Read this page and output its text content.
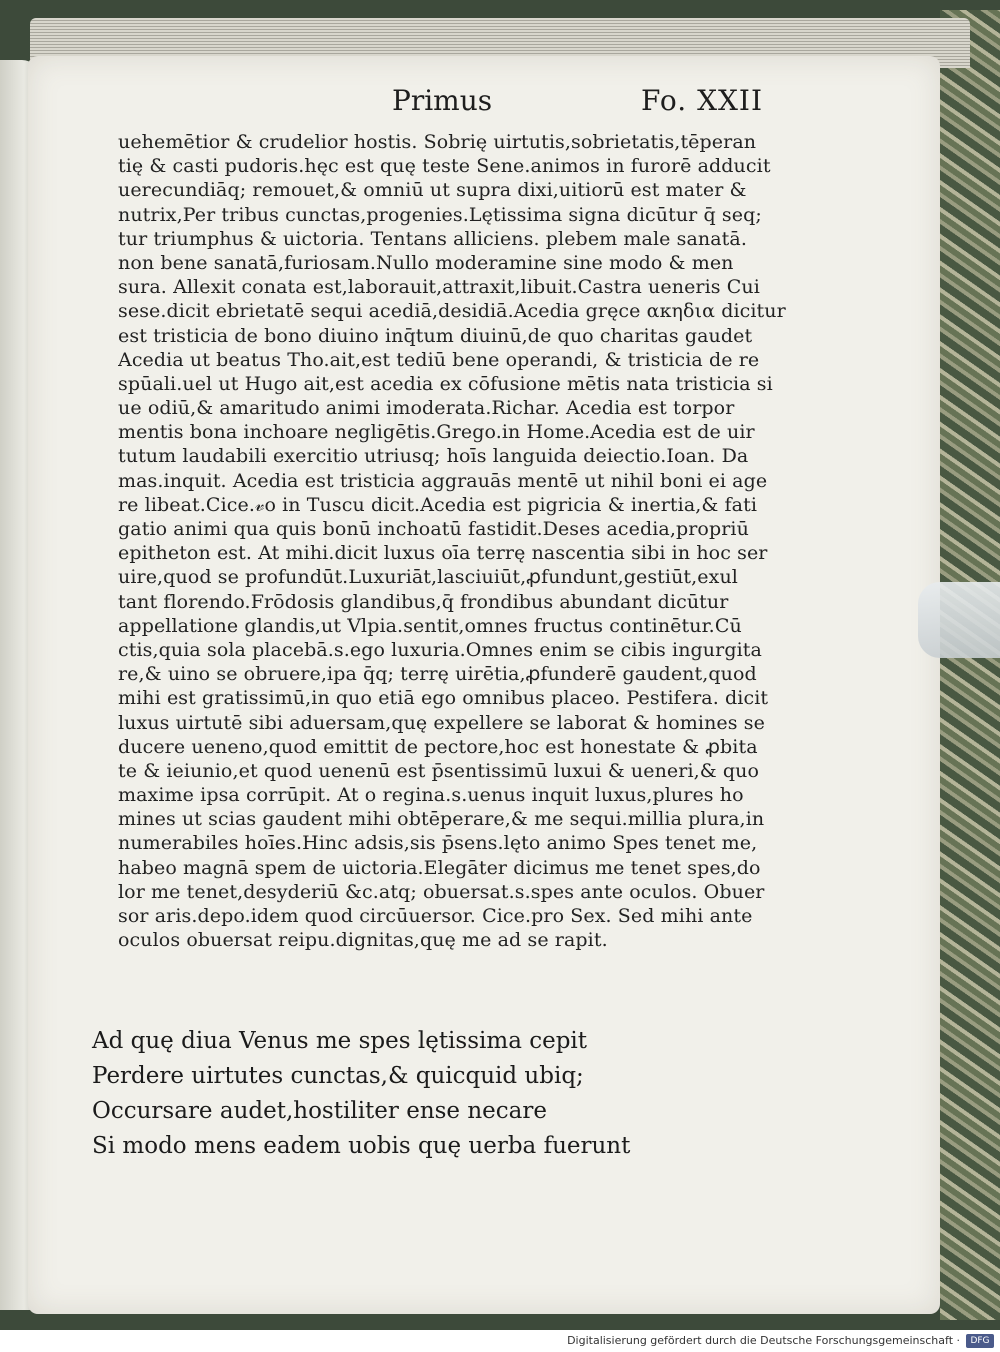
Primus	Fo. XXII
uehemētior & crudelior hostis. Sobrię uirtutis,sobrietatis,tēperan
tię & casti pudoris.hęc est quę teste Sene.animos in furorē adducit
uerecundiāq; remouet,& omniū ut supra dixi,uitiorū est mater &
nutrix,Per tribus cunctas,progenies.Lętissima signa dicūtur q̄ seq;
tur triumphus & uictoria. Tentans alliciens. plebem male sanatā.
non bene sanatā,furiosam.Nullo moderamine sine modo & men
sura. Allexit conata est,laborauit,attraxit,libuit.Castra ueneris Cui
sese.dicit ebrietatē sequi acediā,desidiā.Acedia gręce ακηδια dicitur
est tristicia de bono diuino inq̄tum diuinū,de quo charitas gaudet
Acedia ut beatus Tho.ait,est tediū bene operandi, & tristicia de re
spūali.uel ut Hugo ait,est acedia ex cōfusione mētis nata tristicia si
ue odiū,& amaritudo animi imoderata.Richar. Acedia est torpor
mentis bona inchoare negligētis.Grego.in Home.Acedia est de uir
tutum laudabili exercitio utriusq; hoīs languida deiectio.Ioan. Da
mas.inquit. Acedia est tristicia aggrauās mentē ut nihil boni ei age
re libeat.Cice.𝓋o in Tuscu dicit.Acedia est pigricia & inertia,& fati
gatio animi qua quis bonū inchoatū fastidit.Deses acedia,propriū
epitheton est. At mihi.dicit luxus oīa terrę nascentia sibi in hoc ser
uire,quod se profundūt.Luxuriāt,lasciuiūt,ꝓfundunt,gestiūt,exul
tant florendo.Frōdosis glandibus,q̄ frondibus abundant dicūtur
appellatione glandis,ut Vlpia.sentit,omnes fructus continētur.Cū
ctis,quia sola placebā.s.ego luxuria.Omnes enim se cibis ingurgita
re,& uino se obruere,ipa q̄q; terrę uirētia,ꝓfunderē gaudent,quod
mihi est gratissimū,in quo etiā ego omnibus placeo. Pestifera. dicit
luxus uirtutē sibi aduersam,quę expellere se laborat & homines se
ducere ueneno,quod emittit de pectore,hoc est honestate & ꝓbita
te & ieiunio,et quod uenenū est p̄sentissimū luxui & ueneri,& quo
maxime ipsa corrūpit. At o regina.s.uenus inquit luxus,plures ho
mines ut scias gaudent mihi obtēperare,& me sequi.millia plura,in
numerabiles hoīes.Hinc adsis,sis p̄sens.lęto animo Spes tenet me,
habeo magnā spem de uictoria.Elegāter dicimus me tenet spes,do
lor me tenet,desyderiū &c.atq; obuersat.s.spes ante oculos. Obuer
sor aris.depo.idem quod circūuersor. Cice.pro Sex. Sed mihi ante
oculos obuersat reipu.dignitas,quę me ad se rapit.
Ad quę diua Venus me spes lętissima cepit
Perdere uirtutes cunctas,& quicquid ubiq;
Occursare audet,hostiliter ense necare
Si modo mens eadem uobis quę uerba fuerunt
Digitalisierung gefördert durch die Deutsche Forschungsgemeinschaft ·	DFG
